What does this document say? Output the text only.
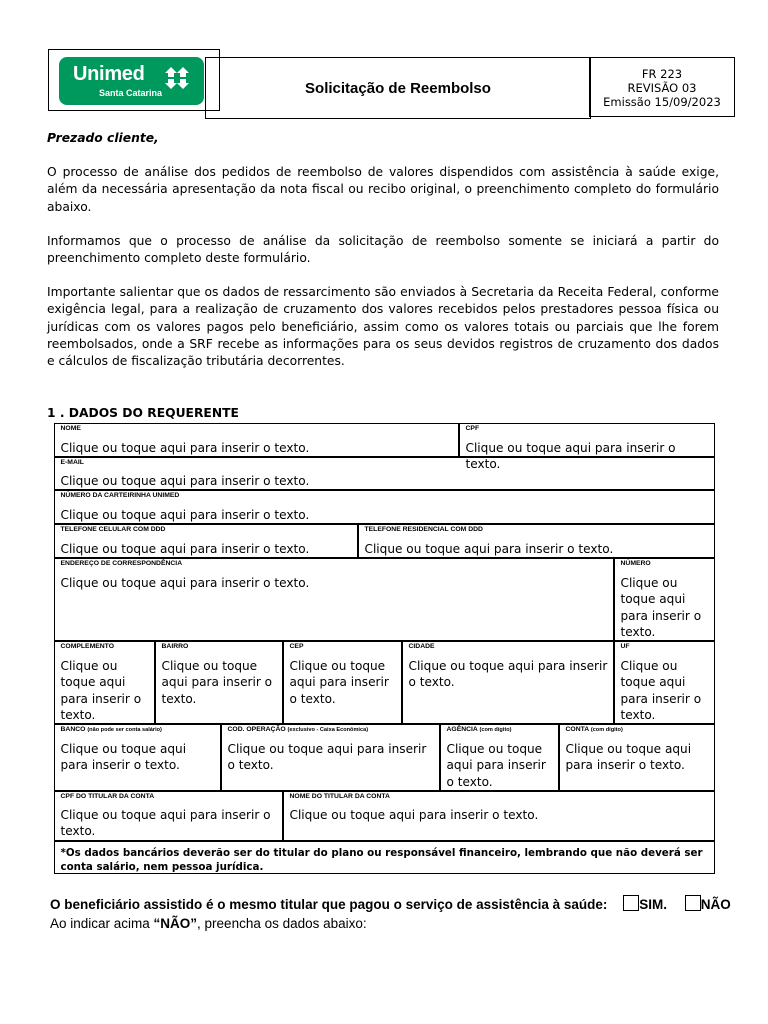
Unimed
Santa Catarina	Solicitação de Reembolso
FR 223
REVISÃO 03
Emissão 15/09/2023

Prezado cliente,

O processo de análise dos pedidos de reembolso de valores dispendidos com assistência à saúde exige, além da necessária apresentação da nota fiscal ou recibo original, o preenchimento completo do formulário abaixo.

Informamos que o processo de análise da solicitação de reembolso somente se iniciará a partir do preenchimento completo deste formulário.

Importante salientar que os dados de ressarcimento são enviados à Secretaria da Receita Federal, conforme exigência legal, para a realização de cruzamento dos valores recebidos pelos prestadores pessoa física ou jurídicas com os valores pagos pelo beneficiário, assim como os valores totais ou parciais que lhe forem reembolsados, onde a SRF recebe as informações para os seus devidos registros de cruzamento dos dados e cálculos de fiscalização tributária decorrentes.

1 . DADOS DO REQUERENTE
NOME
Clique ou toque aqui para inserir o texto.
CPF
Clique ou toque aqui para inserir o texto.
E-MAIL
Clique ou toque aqui para inserir o texto.
NÚMERO DA CARTEIRINHA UNIMED
Clique ou toque aqui para inserir o texto.
TELEFONE CELULAR COM DDD
Clique ou toque aqui para inserir o texto.
TELEFONE RESIDENCIAL COM DDD
Clique ou toque aqui para inserir o texto.
ENDEREÇO DE CORRESPONDÊNCIA
Clique ou toque aqui para inserir o texto.
NÚMERO
Clique ou toque aqui para inserir o texto.
COMPLEMENTO
Clique ou toque aqui para inserir o texto.
BAIRRO
Clique ou toque aqui para inserir o texto.
CEP
Clique ou toque aqui para inserir o texto.
CIDADE
Clique ou toque aqui para inserir o texto.
UF
Clique ou toque aqui para inserir o texto.
BANCO (não pode ser conta salário)
Clique ou toque aqui para inserir o texto.
COD. OPERAÇÃO (exclusivo - Caixa Econômica)
Clique ou toque aqui para inserir o texto.
AGÊNCIA (com dígito)
Clique ou toque aqui para inserir o texto.
CONTA (com dígito)
Clique ou toque aqui para inserir o texto.
CPF DO TITULAR DA CONTA
Clique ou toque aqui para inserir o texto.
NOME DO TITULAR DA CONTA
Clique ou toque aqui para inserir o texto.
*Os dados bancários deverão ser do titular do plano ou responsável financeiro, lembrando que não deverá ser conta salário, nem pessoa jurídica.
O beneficiário assistido é o mesmo titular que pagou o serviço de assistência à saúde: SIM.	NÃO
Ao indicar acima “NÃO”, preencha os dados abaixo:
